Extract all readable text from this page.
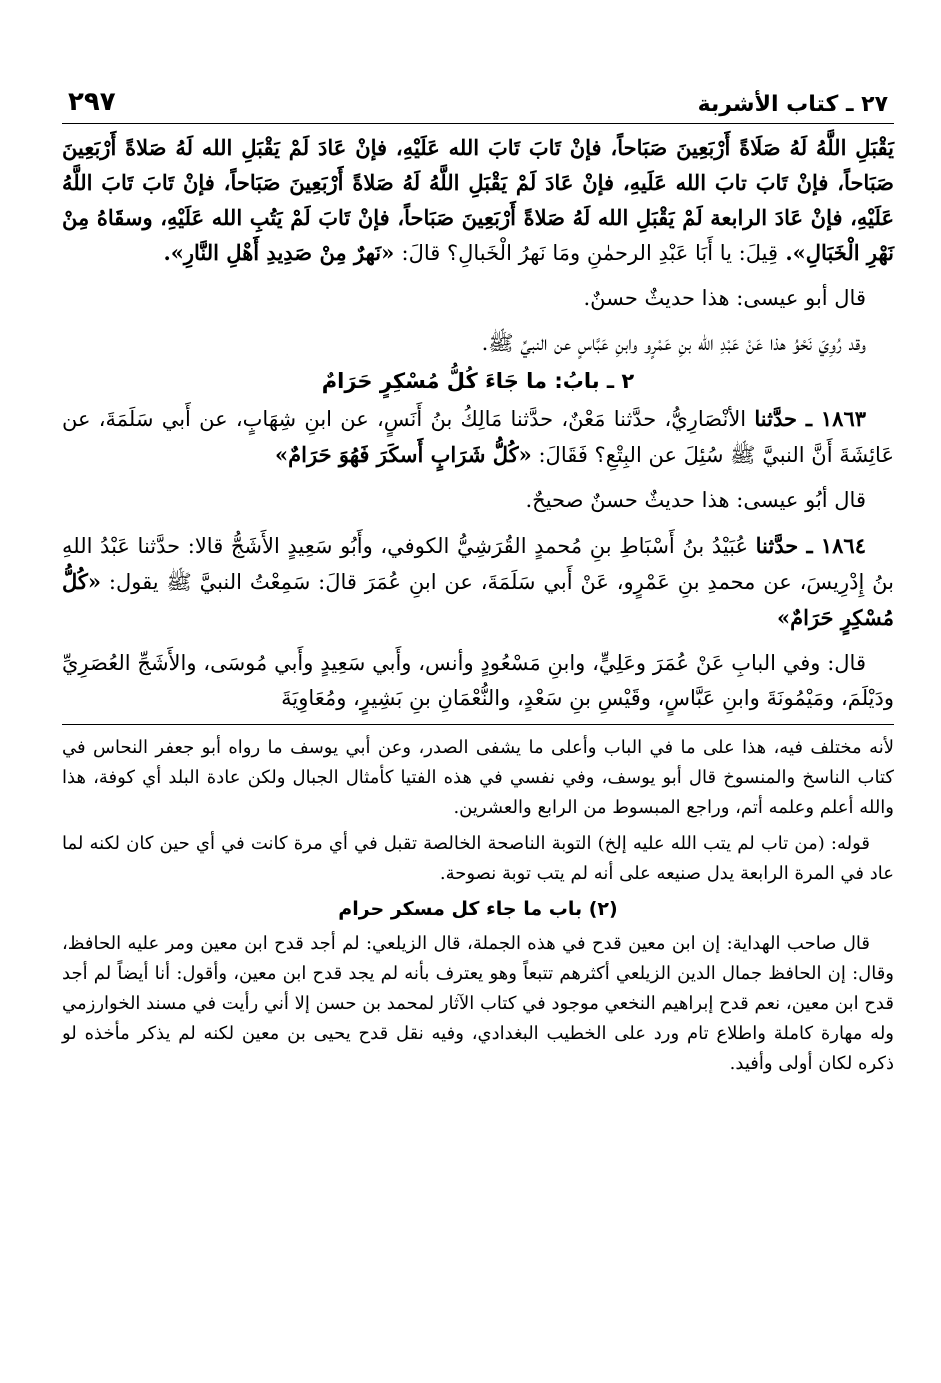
٢٧ ـ كتاب الأشربة
٢٩٧

يَقْبَلِ اللَّهُ لَهُ صَلَاةً أَرْبَعِينَ صَبَاحاً، فإنْ تَابَ تَابَ الله عَلَيْهِ، فإنْ عَادَ لَمْ يَقْبَلِ الله لَهُ صَلاةً أَرْبَعِينَ صَبَاحاً، فإنْ تَابَ تابَ الله عَلَيهِ، فإنْ عَادَ لَمْ يَقْبَلِ اللَّهُ لَهُ صَلاةً أَرْبَعِينَ صَبَاحاً، فإنْ تَابَ تَابَ اللَّهُ عَلَيْهِ، فإنْ عَادَ الرابعة لَمْ يَقْبَلِ الله لَهُ صَلاةً أَرْبَعِينَ صَبَاحاً، فإنْ تَابَ لَمْ يَتُبِ الله عَلَيْهِ، وسقَاهُ مِنْ نَهْرِ الْخَبَالِ». قِيلَ: يا أَبَا عَبْدِ الرحمٰنِ ومَا نَهرُ الْخَبالِ؟ قالَ: «نَهرٌ مِنْ صَدِيدِ أَهْلِ النَّارِ».

قال أبو عيسى: هذا حديثٌ حسنٌ.

وقد رُوِيَ نَحْوُ هذا عَنْ عَبْدِ الله بنِ عَمْرٍو وابنِ عَبَّاسٍ عن النبيِّ ﷺ.

٢ ـ بابُ: ما جَاءَ كُلُّ مُسْكِرٍ حَرَامٌ

١٨٦٣ ـ حدَّثنا الأنْصَارِيُّ، حدَّثنا مَعْنٌ، حدَّثنا مَالِكُ بنُ أَنَسٍ، عن ابنِ شِهَابٍ، عن أَبي سَلَمَةَ، عن عَائِشَةَ أَنَّ النبيَّ ﷺ سُئِلَ عن البِتْعِ؟ فَقَالَ: «كُلُّ شَرَابٍ أَسكَرَ فَهُوَ حَرَامٌ»

قال أبُو عيسى: هذا حديثٌ حسنٌ صحيحٌ.

١٨٦٤ ـ حدَّثنا عُبَيْدُ بنُ أَسْبَاطِ بنِ مُحمدٍ القُرَشِيُّ الكوفي، وأَبُو سَعِيدٍ الأَشَجُّ قالا: حدَّثنا عَبْدُ اللهِ بنُ إِدْرِيسَ، عن محمدِ بنِ عَمْرٍو، عَنْ أَبي سَلَمَةَ، عن ابنِ عُمَرَ قالَ: سَمِعْتُ النبيَّ ﷺ يقول: «كُلُّ مُسْكِرٍ حَرَامٌ»

قال: وفي البابِ عَنْ عُمَرَ وعَلِيٍّ، وابنِ مَسْعُودٍ وأنس، وأَبي سَعِيدٍ وأَبي مُوسَى، والأَشَجِّ العُصَرِيِّ ودَيْلَمَ، ومَيْمُونَةَ وابنِ عَبَّاسٍ، وقَيْسِ بنِ سَعْدٍ، والنُّعْمَانِ بنِ بَشِيرٍ، ومُعَاوِيَةَ

لأنه مختلف فيه، هذا على ما في الباب وأعلى ما يشفى الصدر، وعن أبي يوسف ما رواه أبو جعفر النحاس في كتاب الناسخ والمنسوخ قال أبو يوسف، وفي نفسي في هذه الفتيا كأمثال الجبال ولكن عادة البلد أي كوفة، هذا والله أعلم وعلمه أتم، وراجع المبسوط من الرابع والعشرين.

قوله: (من تاب لم يتب الله عليه إلخ) التوبة الناصحة الخالصة تقبل في أي مرة كانت في أي حين كان لكنه لما عاد في المرة الرابعة يدل صنيعه على أنه لم يتب توبة نصوحة.

(٢) باب ما جاء كل مسكر حرام

قال صاحب الهداية: إن ابن معين قدح في هذه الجملة، قال الزيلعي: لم أجد قدح ابن معين ومر عليه الحافظ، وقال: إن الحافظ جمال الدين الزيلعي أكثرهم تتبعاً وهو يعترف بأنه لم يجد قدح ابن معين، وأقول: أنا أيضاً لم أجد قدح ابن معين، نعم قدح إبراهيم النخعي موجود في كتاب الآثار لمحمد بن حسن إلا أني رأيت في مسند الخوارزمي وله مهارة كاملة واطلاع تام ورد على الخطيب البغدادي، وفيه نقل قدح يحيى بن معين لكنه لم يذكر مأخذه لو ذكره لكان أولى وأفيد.
